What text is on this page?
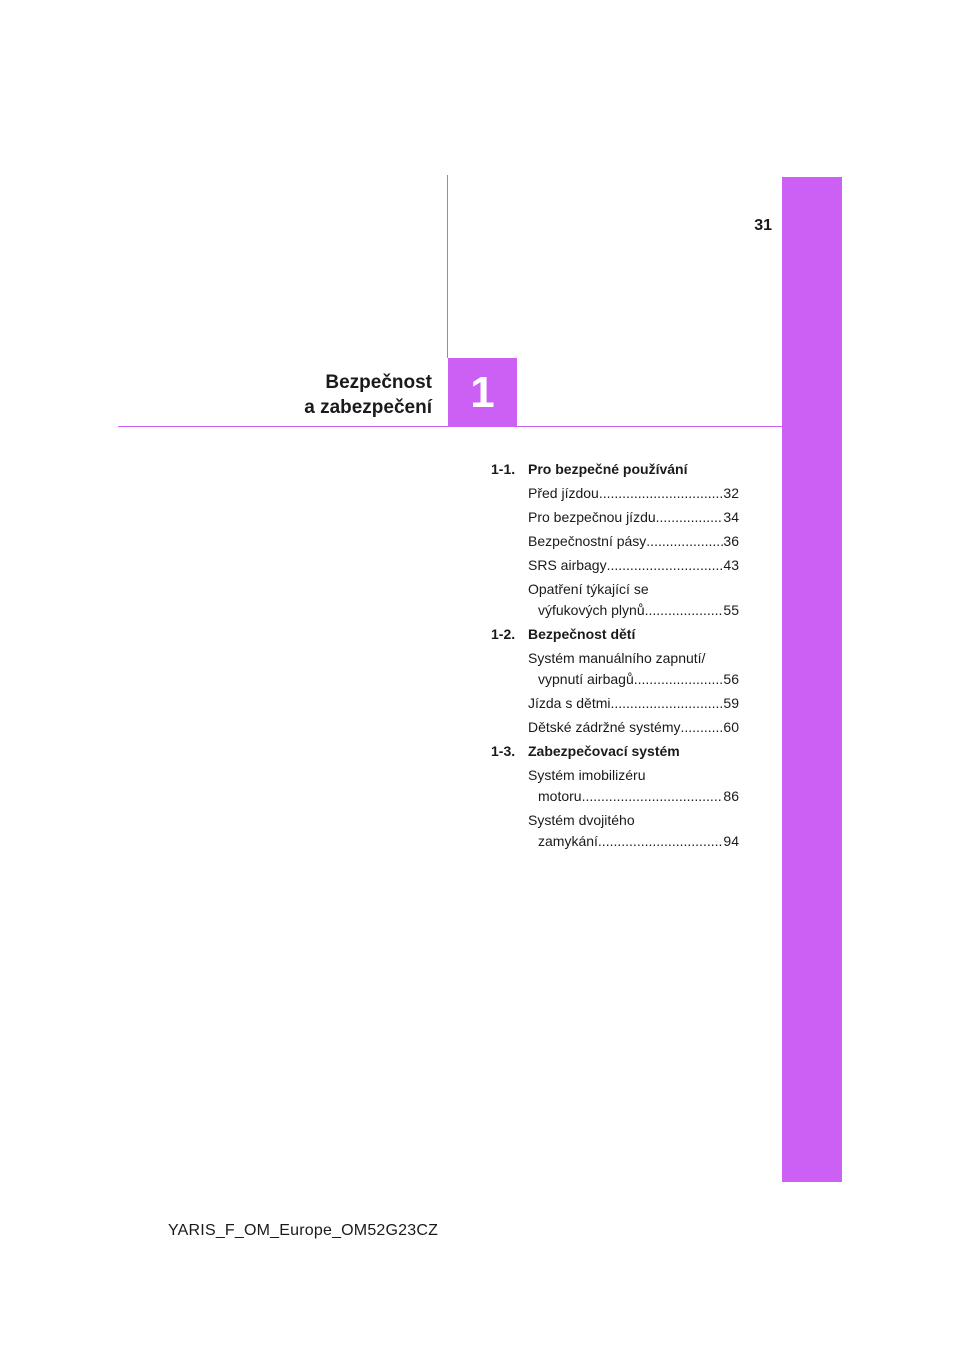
31
1
Bezpečnost
a zabezpečení
1-1. Pro bezpečné používání
Před jízdou .....	32
Pro bezpečnou jízdu .....	34
Bezpečnostní pásy .....	36
SRS airbagy .....	43
Opatření týkající se
výfukových plynů .....	55
1-2. Bezpečnost dětí
Systém manuálního zapnutí/
vypnutí airbagů .....	56
Jízda s dětmi .....	59
Dětské zádržné systémy .....	60
1-3. Zabezpečovací systém
Systém imobilizéru
motoru .....	86
Systém dvojitého
zamykání .....	94
YARIS_F_OM_Europe_OM52G23CZ
